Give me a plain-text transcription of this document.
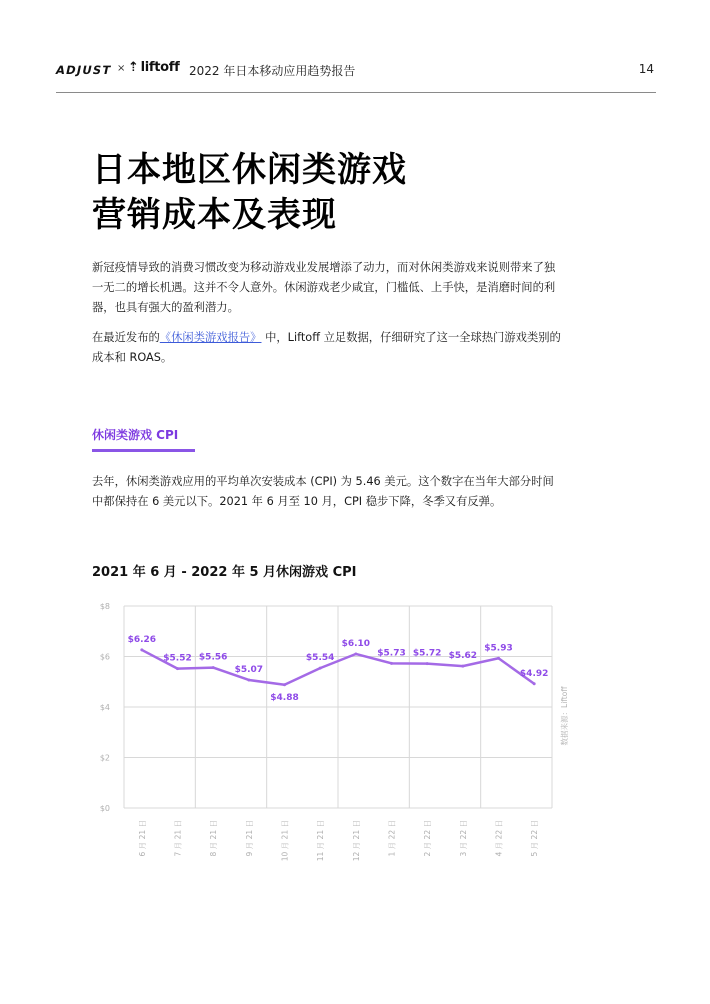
ADJUST × ⇡ liftoff 2022 年日本移动应用趋势报告	14
日本地区休闲类游戏
营销成本及表现
新冠疫情导致的消费习惯改变为移动游戏业发展增添了动力，而对休闲类游戏来说则带来了独一无二的增长机遇。这并不令人意外。休闲游戏老少咸宜，门槛低、上手快，是消磨时间的利器，也具有强大的盈利潜力。
在最近发布的《休闲类游戏报告》 中，Liftoff 立足数据，仔细研究了这一全球热门游戏类别的成本和 ROAS。
休闲类游戏 CPI
去年，休闲类游戏应用的平均单次安装成本 (CPI) 为 5.46 美元。这个数字在当年大部分时间中都保持在 6 美元以下。2021 年 6 月至 10 月，CPI 稳步下降，冬季又有反弹。
2021 年 6 月 - 2022 年 5 月休闲游戏 CPI
$0
$2
$4
$6
$8
6 月 21 日	7 月 21 日	8 月 21 日	9 月 21 日	10 月 21 日	11 月 21 日	12 月 21 日	1 月 22 日	2 月 22 日	3 月 22 日	4 月 22 日	5 月 22 日
$6.26
$5.52 $5.56
$5.07
$4.88
$5.54
$6.10
$5.73 $5.72 $5.62
$5.93
$4.92
数据来源：Liftoff
